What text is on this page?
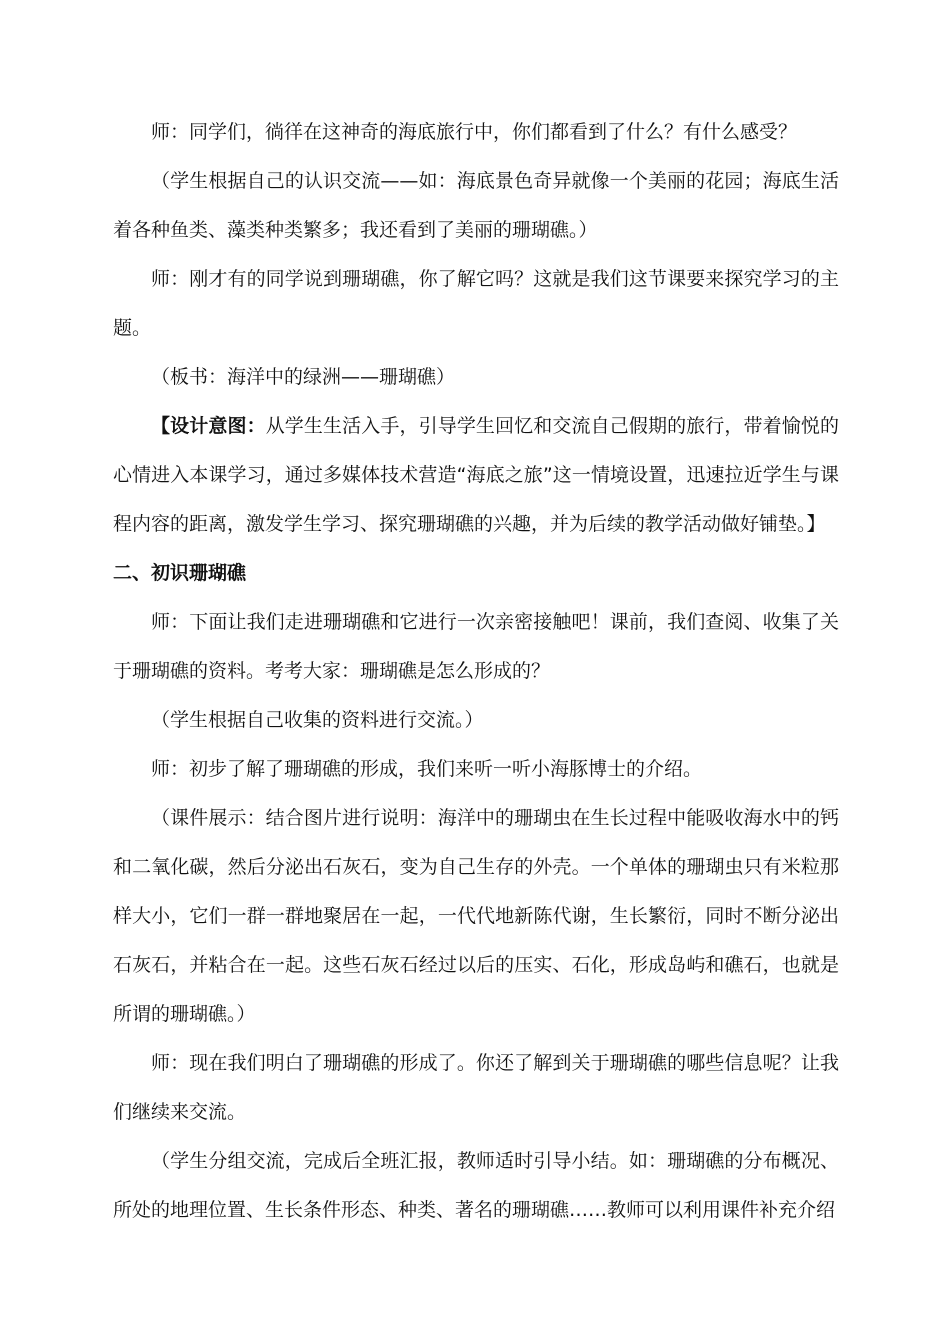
师：同学们，徜徉在这神奇的海底旅行中，你们都看到了什么？有什么感受？

（学生根据自己的认识交流——如：海底景色奇异就像一个美丽的花园；海底生活着各种鱼类、藻类种类繁多；我还看到了美丽的珊瑚礁。）

师：刚才有的同学说到珊瑚礁，你了解它吗？这就是我们这节课要来探究学习的主题。

（板书：海洋中的绿洲——珊瑚礁）

【设计意图：从学生生活入手，引导学生回忆和交流自己假期的旅行，带着愉悦的心情进入本课学习，通过多媒体技术营造“海底之旅”这一情境设置，迅速拉近学生与课程内容的距离，激发学生学习、探究珊瑚礁的兴趣，并为后续的教学活动做好铺垫。】

二、初识珊瑚礁

师：下面让我们走进珊瑚礁和它进行一次亲密接触吧！课前，我们查阅、收集了关于珊瑚礁的资料。考考大家：珊瑚礁是怎么形成的？

（学生根据自己收集的资料进行交流。）

师：初步了解了珊瑚礁的形成，我们来听一听小海豚博士的介绍。

（课件展示：结合图片进行说明：海洋中的珊瑚虫在生长过程中能吸收海水中的钙和二氧化碳，然后分泌出石灰石，变为自己生存的外壳。一个单体的珊瑚虫只有米粒那样大小，它们一群一群地聚居在一起，一代代地新陈代谢，生长繁衍，同时不断分泌出石灰石，并粘合在一起。这些石灰石经过以后的压实、石化，形成岛屿和礁石，也就是所谓的珊瑚礁。）

师：现在我们明白了珊瑚礁的形成了。你还了解到关于珊瑚礁的哪些信息呢？让我们继续来交流。

（学生分组交流，完成后全班汇报，教师适时引导小结。如：珊瑚礁的分布概况、所处的地理位置、生长条件形态、种类、著名的珊瑚礁……教师可以利用课件补充介绍
